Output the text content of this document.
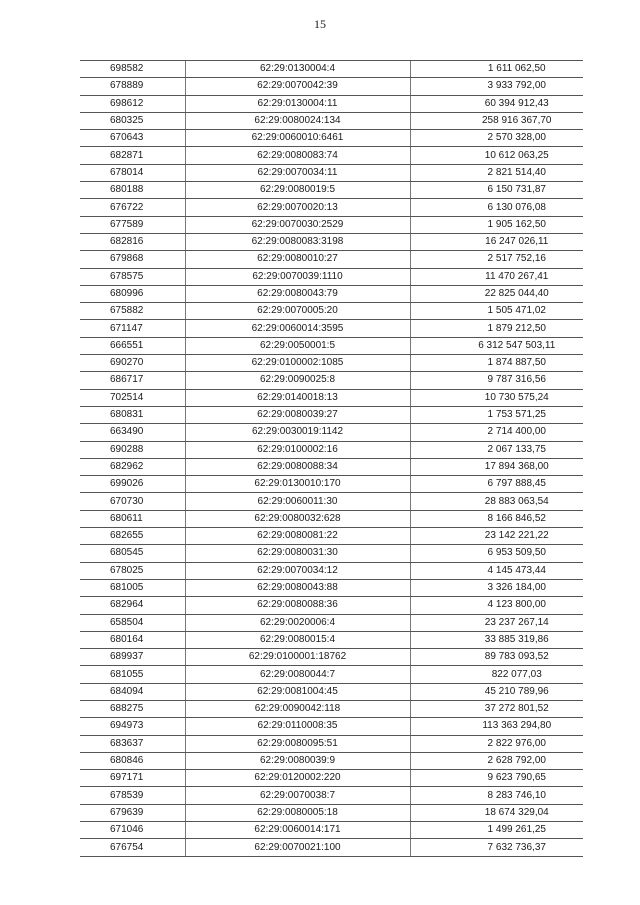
15
698582	62:29:0130004:4	1 611 062,50
678889	62:29:0070042:39	3 933 792,00
698612	62:29:0130004:11	60 394 912,43
680325	62:29:0080024:134	258 916 367,70
670643	62:29:0060010:6461	2 570 328,00
682871	62:29:0080083:74	10 612 063,25
678014	62:29:0070034:11	2 821 514,40
680188	62:29:0080019:5	6 150 731,87
676722	62:29:0070020:13	6 130 076,08
677589	62:29:0070030:2529	1 905 162,50
682816	62:29:0080083:3198	16 247 026,11
679868	62:29:0080010:27	2 517 752,16
678575	62:29:0070039:1110	11 470 267,41
680996	62:29:0080043:79	22 825 044,40
675882	62:29:0070005:20	1 505 471,02
671147	62:29:0060014:3595	1 879 212,50
666551	62:29:0050001:5	6 312 547 503,11
690270	62:29:0100002:1085	1 874 887,50
686717	62:29:0090025:8	9 787 316,56
702514	62:29:0140018:13	10 730 575,24
680831	62:29:0080039:27	1 753 571,25
663490	62:29:0030019:1142	2 714 400,00
690288	62:29:0100002:16	2 067 133,75
682962	62:29:0080088:34	17 894 368,00
699026	62:29:0130010:170	6 797 888,45
670730	62:29:0060011:30	28 883 063,54
680611	62:29:0080032:628	8 166 846,52
682655	62:29:0080081:22	23 142 221,22
680545	62:29:0080031:30	6 953 509,50
678025	62:29:0070034:12	4 145 473,44
681005	62:29:0080043:88	3 326 184,00
682964	62:29:0080088:36	4 123 800,00
658504	62:29:0020006:4	23 237 267,14
680164	62:29:0080015:4	33 885 319,86
689937	62:29:0100001:18762	89 783 093,52
681055	62:29:0080044:7	822 077,03
684094	62:29:0081004:45	45 210 789,96
688275	62:29:0090042:118	37 272 801,52
694973	62:29:0110008:35	113 363 294,80
683637	62:29:0080095:51	2 822 976,00
680846	62:29:0080039:9	2 628 792,00
697171	62:29:0120002:220	9 623 790,65
678539	62:29:0070038:7	8 283 746,10
679639	62:29:0080005:18	18 674 329,04
671046	62:29:0060014:171	1 499 261,25
676754	62:29:0070021:100	7 632 736,37
